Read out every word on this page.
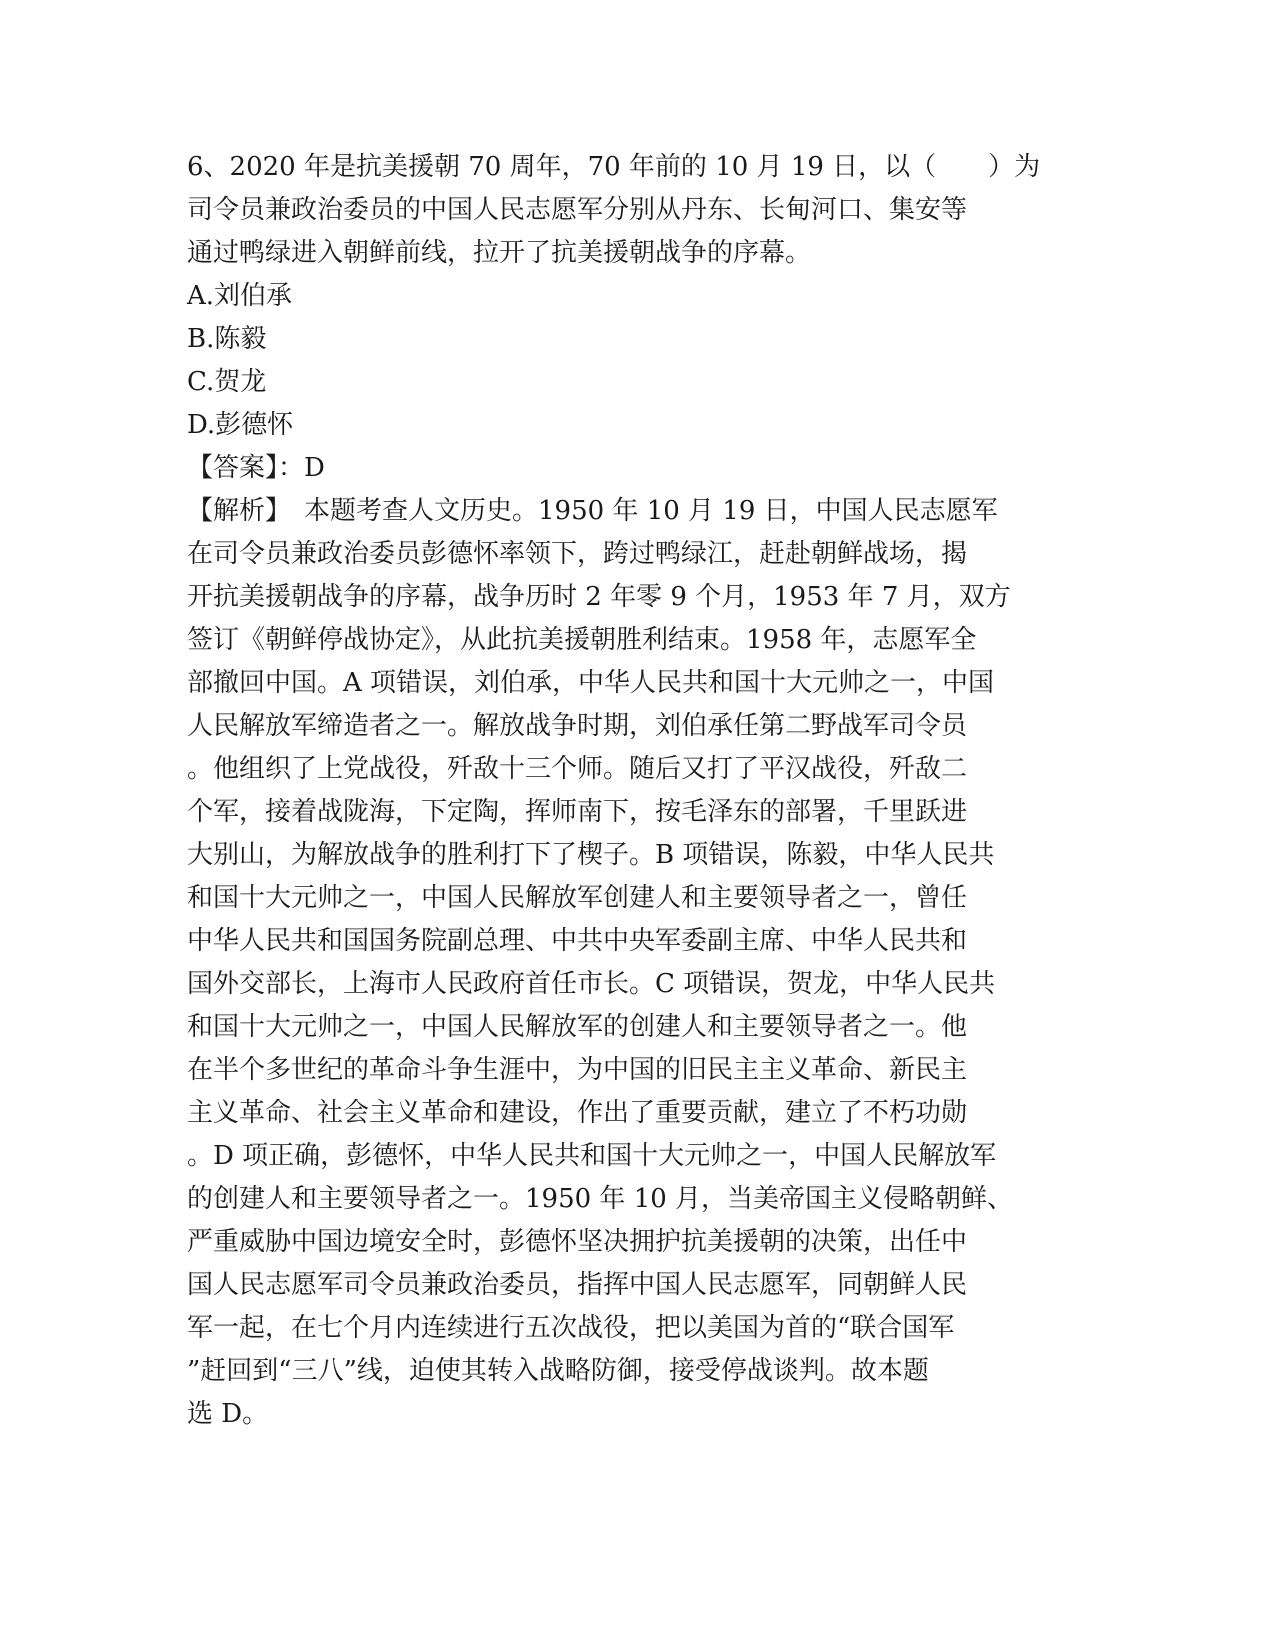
6、2020 年是抗美援朝 70 周年，70 年前的 10 月 19 日，以（　　）为
司令员兼政治委员的中国人民志愿军分别从丹东、长甸河口、集安等
通过鸭绿进入朝鲜前线，拉开了抗美援朝战争的序幕。
A.刘伯承
B.陈毅
C.贺龙
D.彭德怀
【答案】：D
【解析】　本题考查人文历史。1950 年 10 月 19 日，中国人民志愿军
在司令员兼政治委员彭德怀率领下，跨过鸭绿江，赶赴朝鲜战场，揭
开抗美援朝战争的序幕，战争历时 2 年零 9 个月，1953 年 7 月，双方
签订《朝鲜停战协定》，从此抗美援朝胜利结束。1958 年，志愿军全
部撤回中国。A 项错误，刘伯承，中华人民共和国十大元帅之一，中国
人民解放军缔造者之一。解放战争时期，刘伯承任第二野战军司令员
。他组织了上党战役，歼敌十三个师。随后又打了平汉战役，歼敌二
个军，接着战陇海，下定陶，挥师南下，按毛泽东的部署，千里跃进
大别山，为解放战争的胜利打下了楔子。B 项错误，陈毅，中华人民共
和国十大元帅之一，中国人民解放军创建人和主要领导者之一，曾任
中华人民共和国国务院副总理、中共中央军委副主席、中华人民共和
国外交部长，上海市人民政府首任市长。C 项错误，贺龙，中华人民共
和国十大元帅之一，中国人民解放军的创建人和主要领导者之一。他
在半个多世纪的革命斗争生涯中，为中国的旧民主主义革命、新民主
主义革命、社会主义革命和建设，作出了重要贡献，建立了不朽功勋
。D 项正确，彭德怀，中华人民共和国十大元帅之一，中国人民解放军
的创建人和主要领导者之一。1950 年 10 月，当美帝国主义侵略朝鲜、
严重威胁中国边境安全时，彭德怀坚决拥护抗美援朝的决策，出任中
国人民志愿军司令员兼政治委员，指挥中国人民志愿军，同朝鲜人民
军一起，在七个月内连续进行五次战役，把以美国为首的“联合国军
”赶回到“三八”线，迫使其转入战略防御，接受停战谈判。故本题
选 D。
